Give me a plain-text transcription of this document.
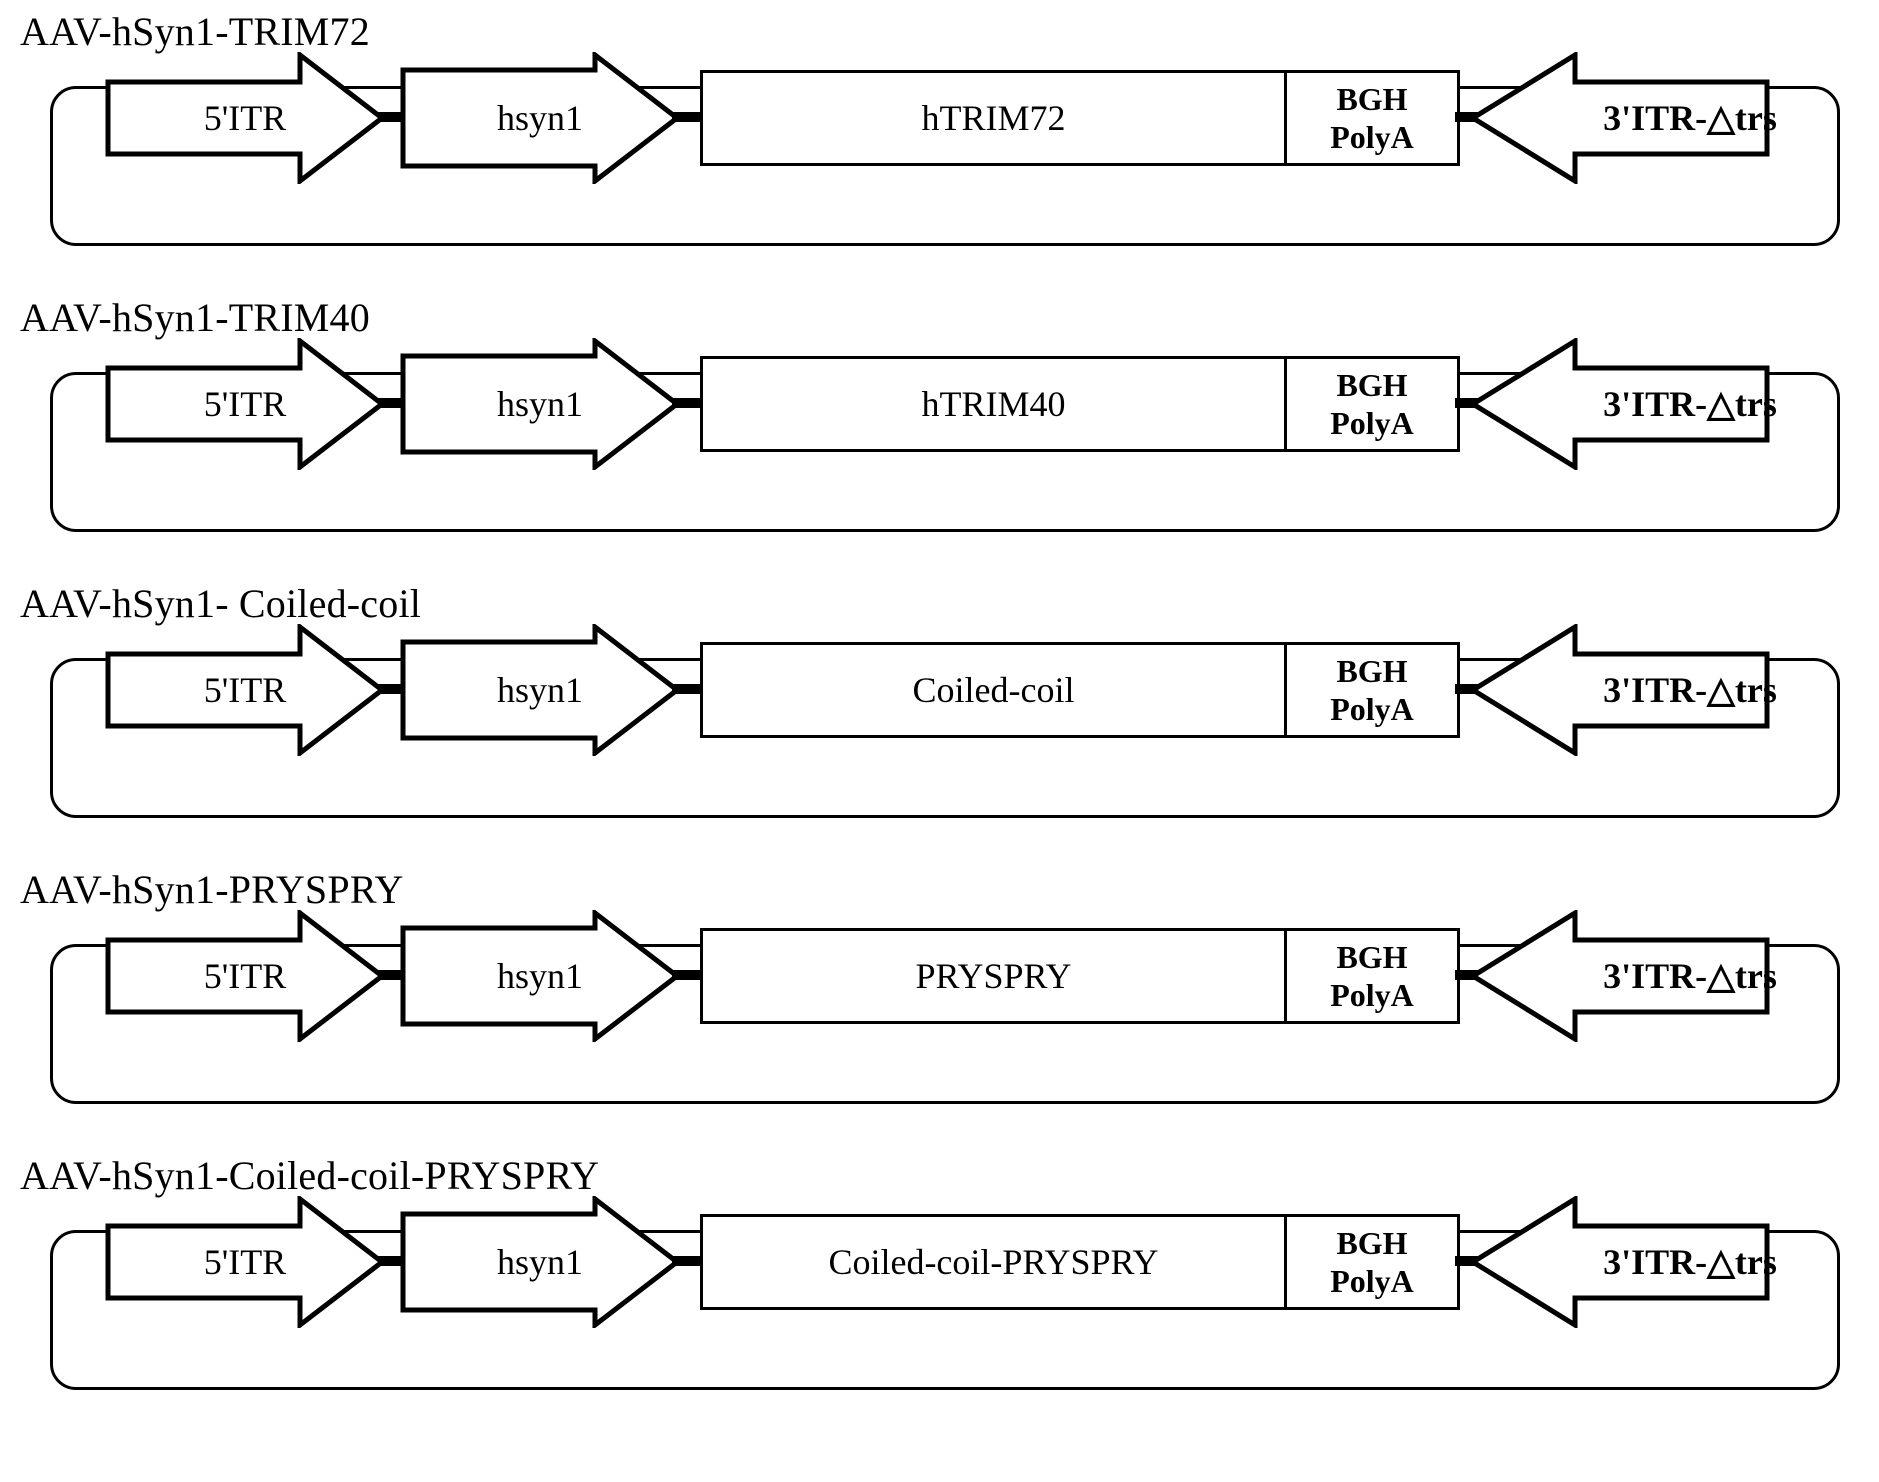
AAV-hSyn1-TRIM72
5'ITR	hsyn1	hTRIM72	BGH
PolyA	3'ITR- △ trs
AAV-hSyn1-TRIM40
5'ITR	hsyn1	hTRIM40	BGH
PolyA	3'ITR- △ trs
AAV-hSyn1- Coiled-coil
5'ITR	hsyn1	Coiled-coil	BGH
PolyA	3'ITR- △ trs
AAV-hSyn1-PRYSPRY
5'ITR	hsyn1	PRYSPRY	BGH
PolyA	3'ITR- △ trs
AAV-hSyn1-Coiled-coil-PRYSPRY
5'ITR	hsyn1	Coiled-coil-PRYSPRY	BGH
PolyA	3'ITR- △ trs
